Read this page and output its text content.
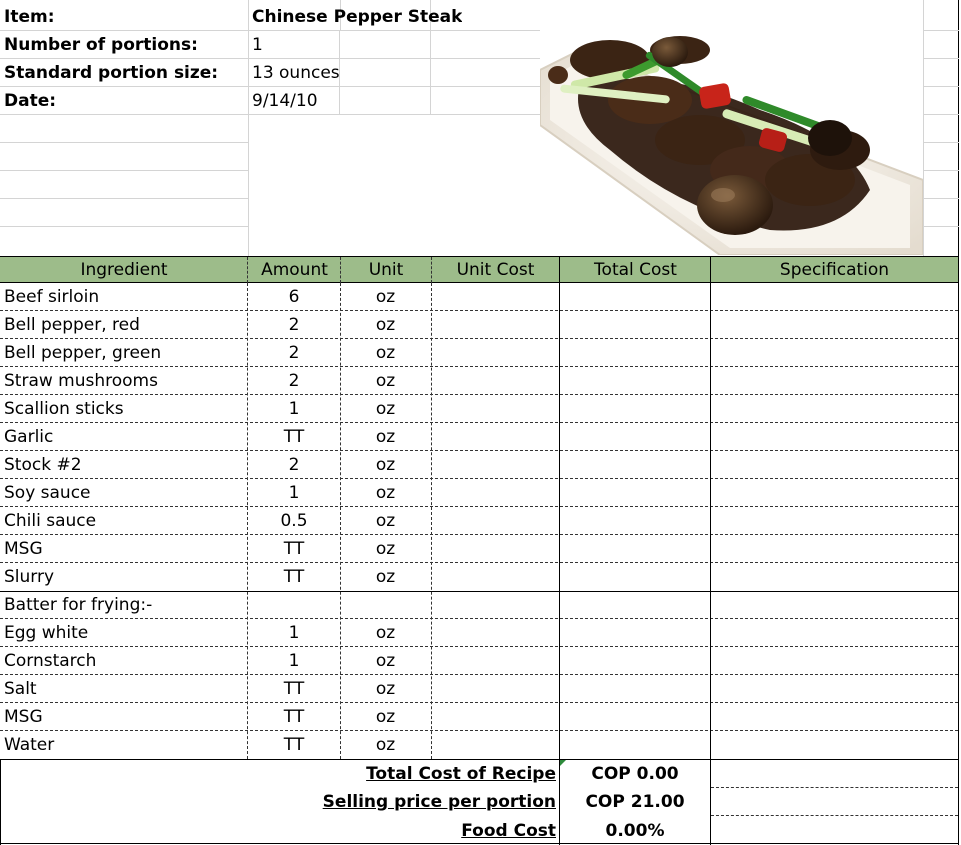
Item:	Chinese Pepper Steak
Number of portions:	1
Standard portion size: 13 ounces
Date:	9/14/10
Ingredient	Amount	Unit	Unit Cost	Total Cost	Specification
Beef sirloin	6	oz
Bell pepper, red	2	oz
Bell pepper, green	2	oz
Straw mushrooms	2	oz
Scallion sticks	1	oz
Garlic	TT	oz
Stock #2	2	oz
Soy sauce	1	oz
Chili sauce	0.5	oz
MSG	TT	oz
Slurry	TT	oz
Batter for frying:-
Egg white	1	oz
Cornstarch	1	oz
Salt	TT	oz
MSG	TT	oz
Water	TT	oz
Total Cost of Recipe	COP 0.00
Selling price per portion	COP 21.00
Food Cost	0.00%
